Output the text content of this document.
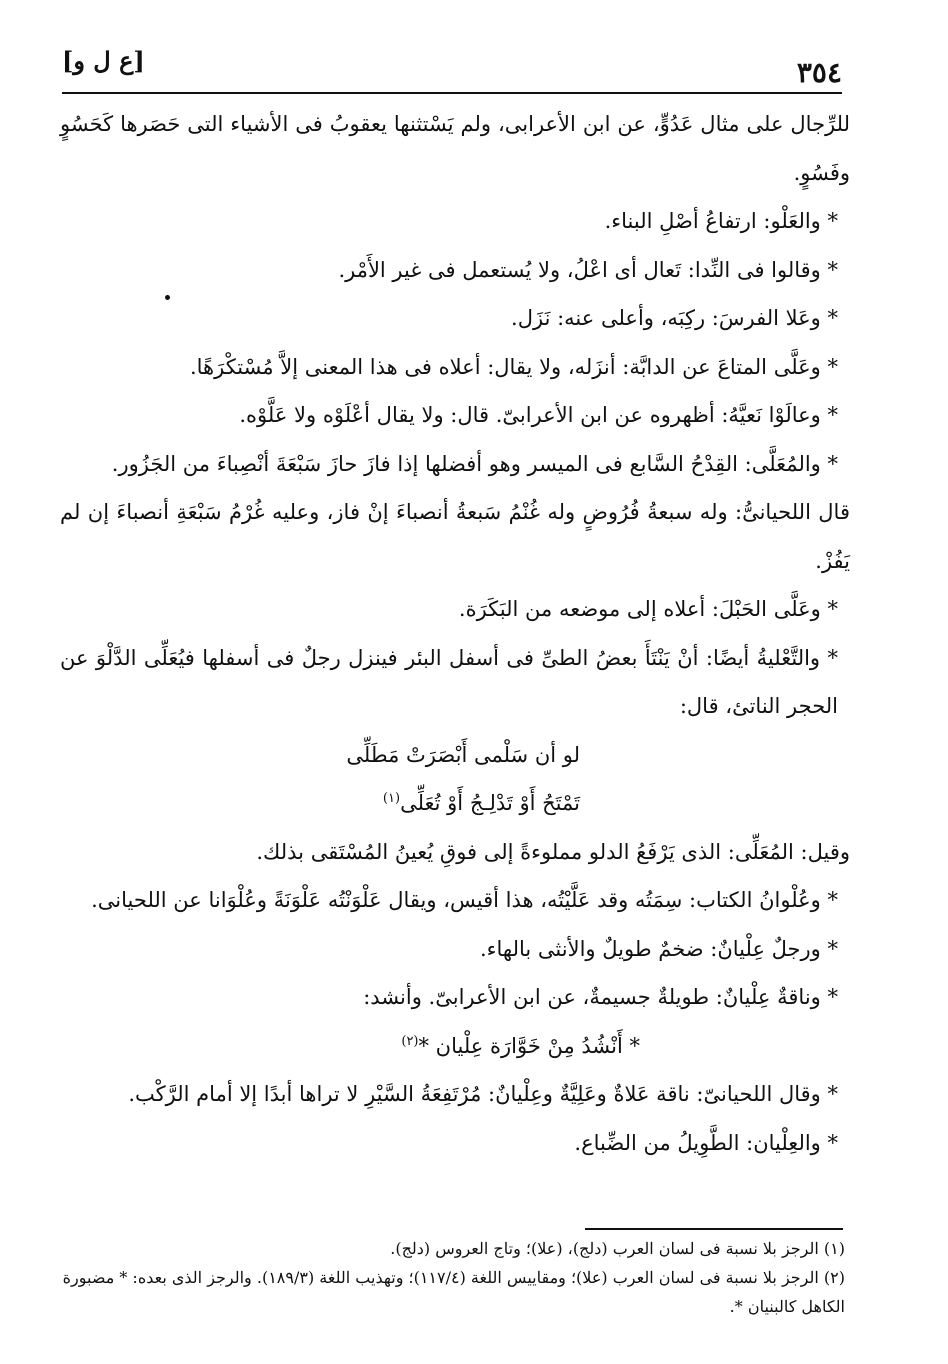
٣٥٤
[ع ل و]

للرِّجال على مثال عَدُوٍّ، عن ابن الأعرابى، ولم يَسْتثنها يعقوبُ فى الأشياء التى حَصَرها كَحَسُوٍ وفَسُوٍ.

* والعَلْو: ارتفاعُ أصْلِ البناء.

* وقالوا فى النِّدا: تَعال أى اعْلُ، ولا يُستعمل فى غير الأَمْر.

* وعَلا الفرسَ: ركِبَه، وأعلى عنه: نَزَل.

* وعَلَّى المتاعَ عن الدابَّة: أنزَله، ولا يقال: أعلاه فى هذا المعنى إلاَّ مُسْتكْرَهًا.

* وعالَوْا نَعيَّهُ: أظهروه عن ابن الأعرابىّ. قال: ولا يقال أعْلَوْه ولا عَلَّوْه.

* والمُعَلَّى: القِدْحُ السَّابع فى الميسر وهو أفضلها إذا فازَ حازَ سَبْعَةَ أنْصِباءَ من الجَزُور.

قال اللحيانىُّ: وله سبعةُ فُرُوضٍ وله غُنْمُ سَبعةُ أنصباءَ إنْ فاز، وعليه غُرْمُ سَبْعَةِ أنصباءَ إن لم يَفُزْ.

* وعَلَّى الحَبْلَ: أعلاه إلى موضعه من البَكَرَة.

* والتَّعْليةُ أيضًا: أنْ يَنْتَأَ بعضُ الطىِّ فى أسفل البئر فينزل رجلٌ فى أسفلها فيُعَلِّى الدَّلْوَ عن الحجر الناتئ، قال:

لو أن سَلْمى أَبْصَرَتْ مَطَلِّى

تَمْتَحُ أَوْ تَدْلِـجُ أَوْ تُعَلِّى$^{(١)}$

وقيل: المُعَلِّى: الذى يَرْفَعُ الدلو مملوءةً إلى فوقِ يُعينُ المُسْتَقى بذلك.

* وعُلْوانُ الكتاب: سِمَتُه وقد عَلَّيْتُه، هذا أقيس، ويقال عَلْوَنْتُه عَلْوَنَةً وعُلْوَانا عن اللحيانى.

* ورجلٌ عِلْيانٌ: ضخمٌ طويلٌ والأنثى بالهاء.

* وناقةٌ عِلْيانٌ: طويلةٌ جسيمةٌ، عن ابن الأعرابىّ. وأنشد:

* أَنْشُدُ مِنْ خَوَّارَة عِلْيان *$^{(٢)}$

* وقال اللحيانىّ: ناقة عَلاةٌ وعَلِيَّةٌ وعِلْيانٌ: مُرْتَفِعَةُ السَّيْرِ لا تراها أبدًا إلا أمام الرَّكْب.

* والعِلْيان: الطَّوِيلُ من الضِّباع.

(١) الرجز بلا نسبة فى لسان العرب (دلج)، (علا)؛ وتاج العروس (دلج).

(٢) الرجز بلا نسبة فى لسان العرب (علا)؛ ومقاييس اللغة (١١٧/٤)؛ وتهذيب اللغة (١٨٩/٣). والرجز الذى بعده: * مضبورة الكاهل كالبنيان *.
